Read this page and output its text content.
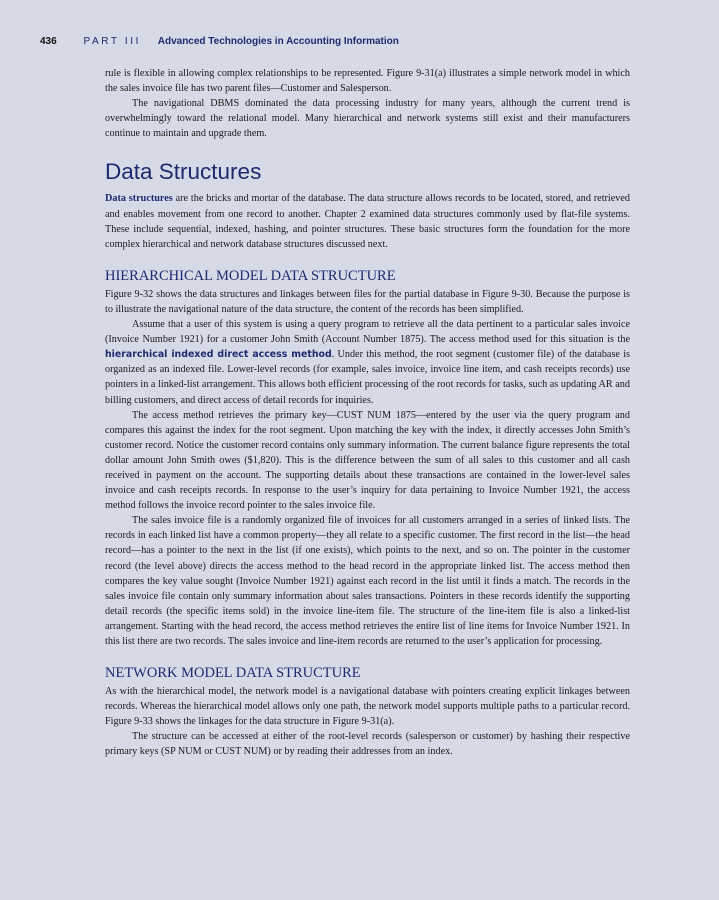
436	PART III Advanced Technologies in Accounting Information

rule is flexible in allowing complex relationships to be represented. Figure 9-31(a) illustrates a simple network model in which the sales invoice file has two parent files—Customer and Salesperson.

The navigational DBMS dominated the data processing industry for many years, although the current trend is overwhelmingly toward the relational model. Many hierarchical and network systems still exist and their manufacturers continue to maintain and upgrade them.

Data Structures

Data structures are the bricks and mortar of the database. The data structure allows records to be located, stored, and retrieved and enables movement from one record to another. Chapter 2 examined data structures commonly used by flat-file systems. These include sequential, indexed, hashing, and pointer structures. These basic structures form the foundation for the more complex hierarchical and network database structures discussed next.

HIERARCHICAL MODEL DATA STRUCTURE

Figure 9-32 shows the data structures and linkages between files for the partial database in Figure 9-30. Because the purpose is to illustrate the navigational nature of the data structure, the content of the records has been simplified.

Assume that a user of this system is using a query program to retrieve all the data pertinent to a particular sales invoice (Invoice Number 1921) for a customer John Smith (Account Number 1875). The access method used for this situation is the hierarchical indexed direct access method. Under this method, the root segment (customer file) of the database is organized as an indexed file. Lower-level records (for example, sales invoice, invoice line item, and cash receipts records) use pointers in a linked-list arrangement. This allows both efficient processing of the root records for tasks, such as updating AR and billing customers, and direct access of detail records for inquiries.

The access method retrieves the primary key—CUST NUM 1875—entered by the user via the query program and compares this against the index for the root segment. Upon matching the key with the index, it directly accesses John Smith’s customer record. Notice the customer record contains only summary information. The current balance figure represents the total dollar amount John Smith owes ($1,820). This is the difference between the sum of all sales to this customer and all cash received in payment on the account. The supporting details about these transactions are contained in the lower-level sales invoice and cash receipts records. In response to the user’s inquiry for data pertaining to Invoice Number 1921, the access method follows the invoice record pointer to the sales invoice file.

The sales invoice file is a randomly organized file of invoices for all customers arranged in a series of linked lists. The records in each linked list have a common property—they all relate to a specific customer. The first record in the list—the head record—has a pointer to the next in the list (if one exists), which points to the next, and so on. The pointer in the customer record (the level above) directs the access method to the head record in the appropriate linked list. The access method then compares the key value sought (Invoice Number 1921) against each record in the list until it finds a match. The records in the sales invoice file contain only summary information about sales transactions. Pointers in these records identify the supporting detail records (the specific items sold) in the invoice line-item file. The structure of the line-item file is also a linked-list arrangement. Starting with the head record, the access method retrieves the entire list of line items for Invoice Number 1921. In this list there are two records. The sales invoice and line-item records are returned to the user’s application for processing.

NETWORK MODEL DATA STRUCTURE

As with the hierarchical model, the network model is a navigational database with pointers creating explicit linkages between records. Whereas the hierarchical model allows only one path, the network model supports multiple paths to a particular record. Figure 9-33 shows the linkages for the data structure in Figure 9-31(a).

The structure can be accessed at either of the root-level records (salesperson or customer) by hashing their respective primary keys (SP NUM or CUST NUM) or by reading their addresses from an index.
